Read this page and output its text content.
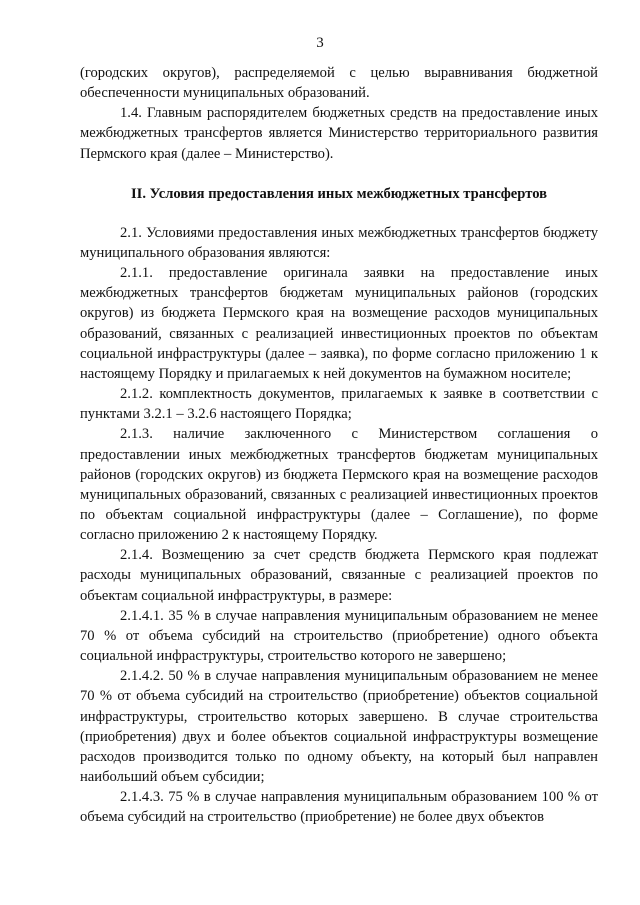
3

(городских округов), распределяемой с целью выравнивания бюджетной обеспеченности муниципальных образований.

1.4. Главным распорядителем бюджетных средств на предоставление иных межбюджетных трансфертов является Министерство территориального развития Пермского края (далее – Министерство).

II. Условия предоставления иных межбюджетных трансфертов

2.1. Условиями предоставления иных межбюджетных трансфертов бюджету муниципального образования являются:

2.1.1. предоставление оригинала заявки на предоставление иных межбюджетных трансфертов бюджетам муниципальных районов (городских округов) из бюджета Пермского края на возмещение расходов муниципальных образований, связанных с реализацией инвестиционных проектов по объектам социальной инфраструктуры (далее – заявка), по форме согласно приложению 1 к настоящему Порядку и прилагаемых к ней документов на бумажном носителе;

2.1.2. комплектность документов, прилагаемых к заявке в соответствии с пунктами 3.2.1 – 3.2.6 настоящего Порядка;

2.1.3. наличие заключенного с Министерством соглашения о предоставлении иных межбюджетных трансфертов бюджетам муниципальных районов (городских округов) из бюджета Пермского края на возмещение расходов муниципальных образований, связанных с реализацией инвестиционных проектов по объектам социальной инфраструктуры (далее – Соглашение), по форме согласно приложению 2 к настоящему Порядку.

2.1.4. Возмещению за счет средств бюджета Пермского края подлежат расходы муниципальных образований, связанные с реализацией проектов по объектам социальной инфраструктуры, в размере:

2.1.4.1. 35 % в случае направления муниципальным образованием не менее 70 % от объема субсидий на строительство (приобретение) одного объекта социальной инфраструктуры, строительство которого не завершено;

2.1.4.2. 50 % в случае направления муниципальным образованием не менее 70 % от объема субсидий на строительство (приобретение) объектов социальной инфраструктуры, строительство которых завершено. В случае строительства (приобретения) двух и более объектов социальной инфраструктуры возмещение расходов производится только по одному объекту, на который был направлен наибольший объем субсидии;

2.1.4.3. 75 % в случае направления муниципальным образованием 100 % от объема субсидий на строительство (приобретение) не более двух объектов
